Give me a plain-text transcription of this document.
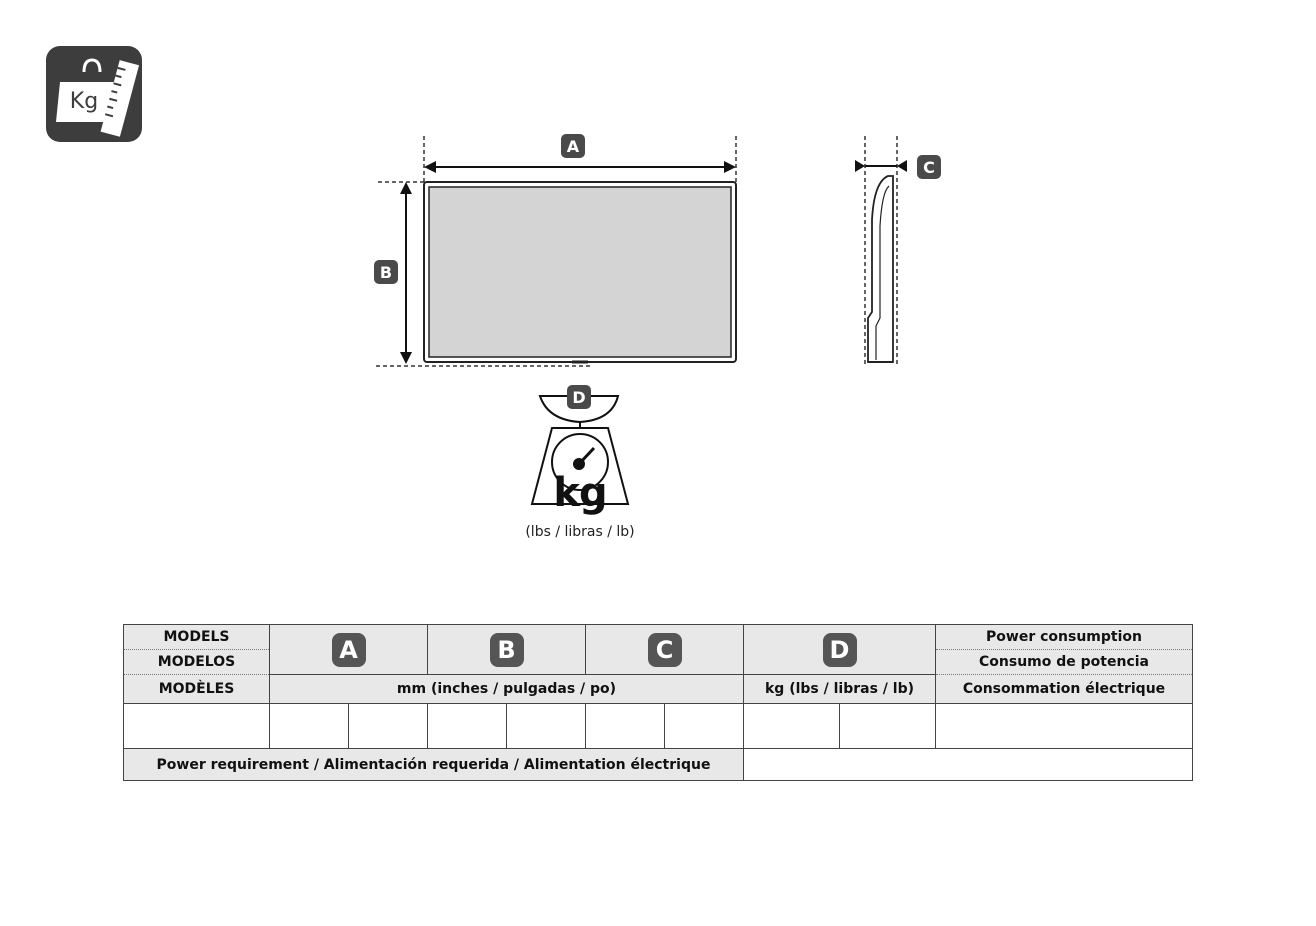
Kg
A
B
C
D
kg
(lbs / libras / lb)
MODELS	A		B		C		D		Power consumption
MODELOS									Consumo de potencia
MODÈLES	mm (inches / pulgadas / po)						kg (lbs / libras / lb)		Consommation électrique

Power requirement / Alimentación requerida / Alimentation électrique									
